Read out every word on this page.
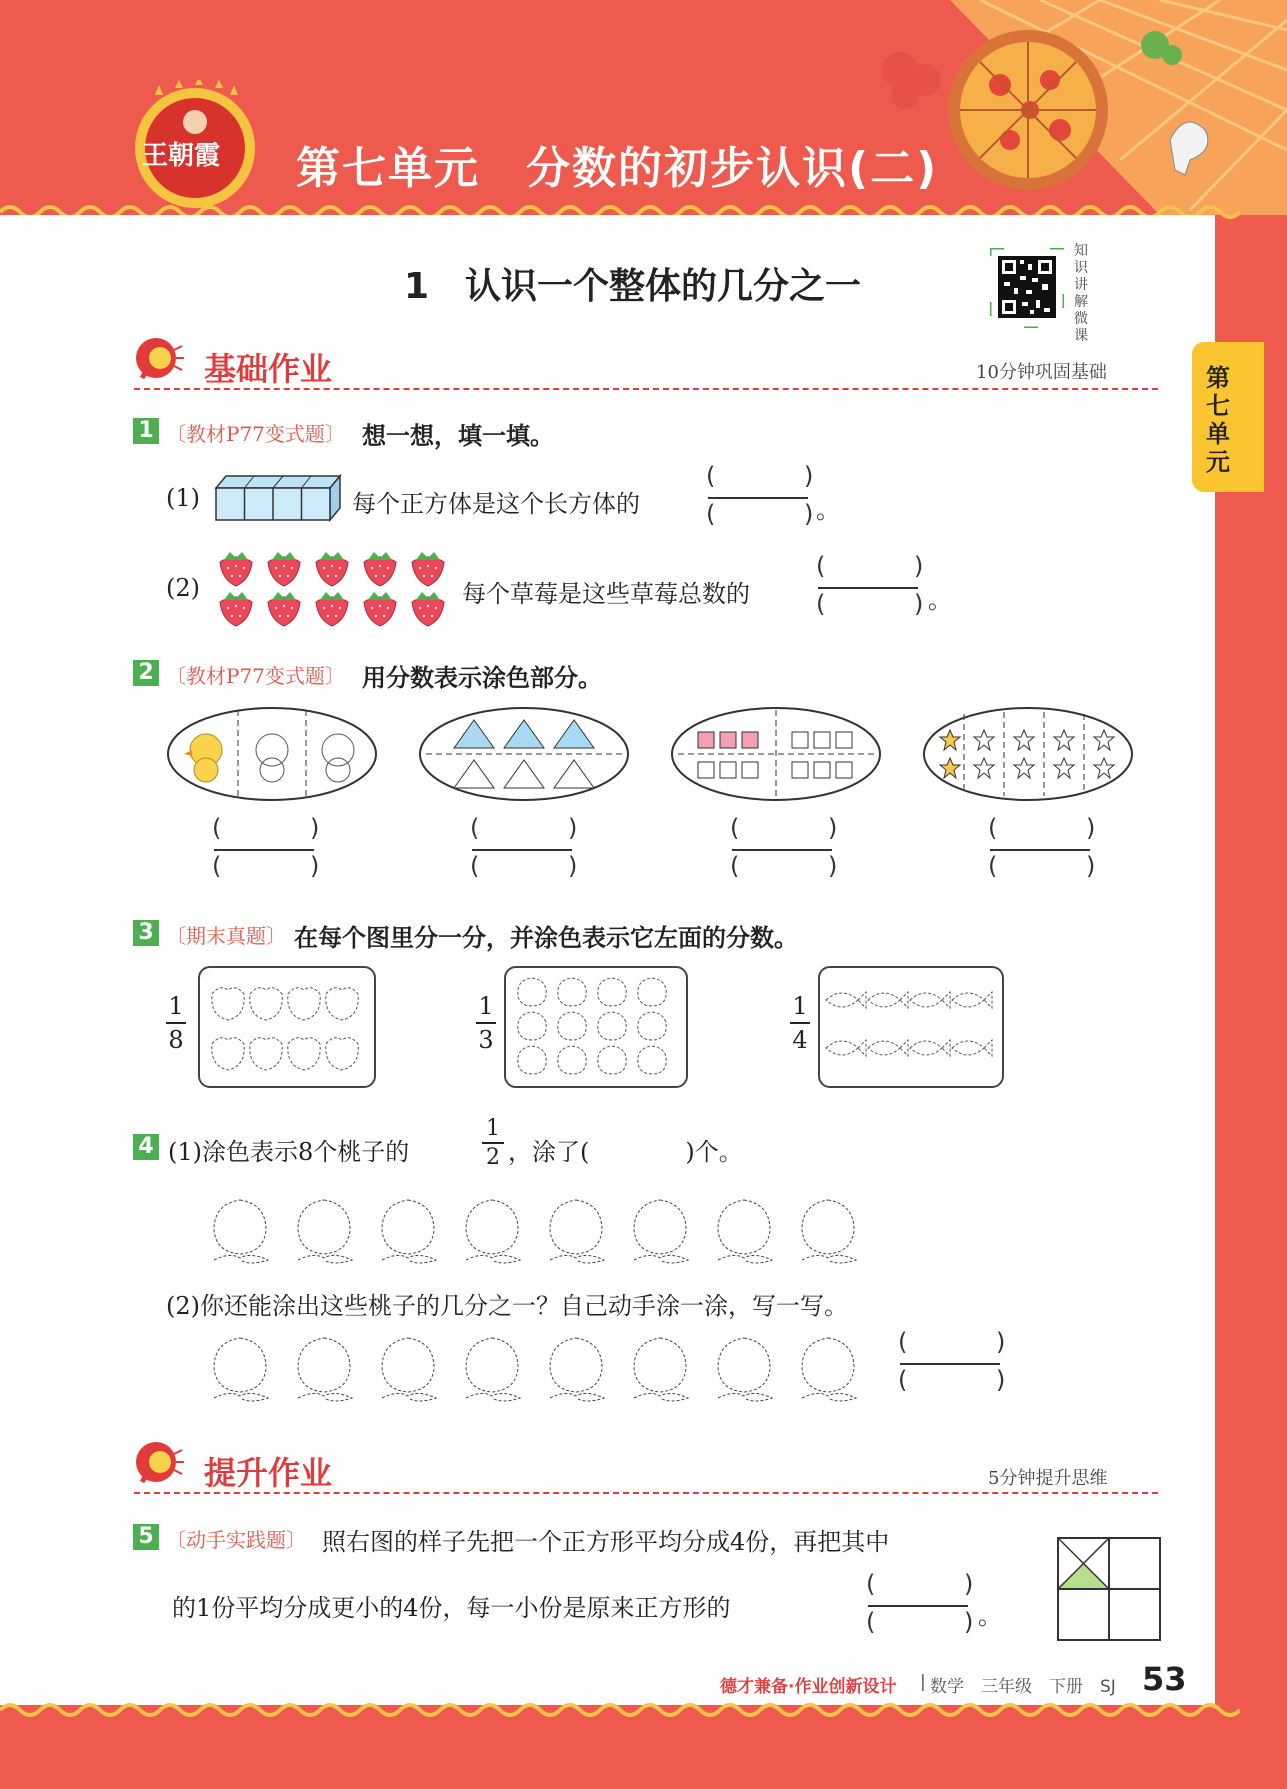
王朝霞 第七单元　分数的初步认识(二)
第七单元
1　认识一个整体的几分之一
知识讲解微课
基础作业	10分钟巩固基础
1 〔教材P77变式题〕 想一想，填一填。
(1)	每个正方体是这个长方体的
(	)
(	) 。
(2)	每个草莓是这些草莓总数的
(	)
(	) 。
2 〔教材P77变式题〕 用分数表示涂色部分。
(	)
(	)
(	)
(	)
(	)
(	)
(	)
(	)
3 〔期末真题〕 在每个图里分一分，并涂色表示它左面的分数。
1
8
1
3
1
4
4 (1)涂色表示8个桃子的
1
2 ，涂了(　　　　)个。
(2)你还能涂出这些桃子的几分之一？自己动手涂一涂，写一写。
(	)
(	)
提升作业	5分钟提升思维
5 〔动手实践题〕 照右图的样子先把一个正方形平均分成4份，再把其中
的1份平均分成更小的4份，每一小份是原来正方形的
(	)
(	) 。
德才兼备·作业创新设计 | 数学　三年级　下册　SJ 53
